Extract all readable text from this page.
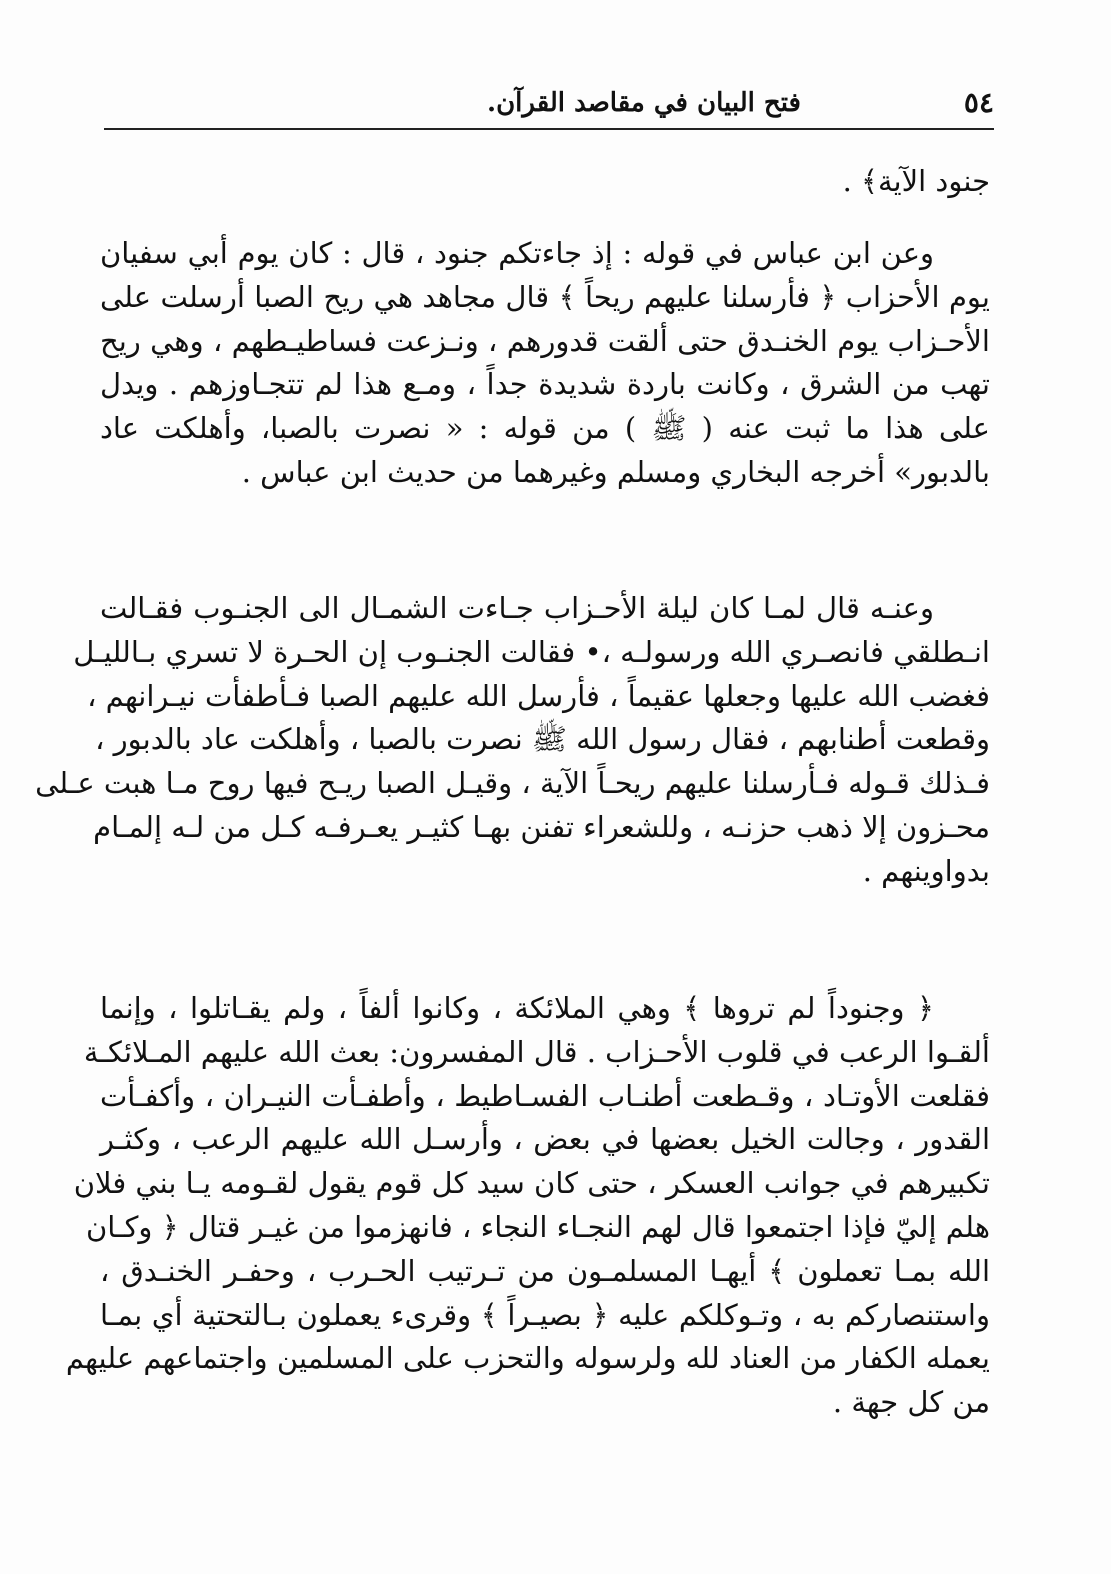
فتح البيان في مقاصد القرآن.	٥٤

جنود الآية﴾ .

وعن ابن عباس في قوله : إذ جاءتكم جنود ، قال : كان يوم أبي سفيان
يوم الأحزاب ﴿ فأرسلنا عليهم ريحاً ﴾ قال مجاهد هي ريح الصبا أرسلت على
الأحـزاب يوم الخنـدق حتى ألقت قدورهم ، ونـزعت فساطيـطهم ، وهي ريح
تهب من الشرق ، وكانت باردة شديدة جداً ، ومـع هذا لم تتجـاوزهم . ويدل
على هذا ما ثبت عنه ( ﷺ ) من قوله : « نصرت بالصبا، وأهلكت عاد
بالدبور» أخرجه البخاري ومسلم وغيرهما من حديث ابن عباس .

وعنـه قال لمـا كان ليلة الأحـزاب جـاءت الشمـال الى الجنـوب فقـالت
انـطلقي فانصـري الله ورسولـه ،• فقالت الجنـوب إن الحـرة لا تسري بـالليـل
فغضب الله عليها وجعلها عقيماً ، فأرسل الله عليهم الصبا فـأطفأت نيـرانهم ،
وقطعت أطنابهم ، فقال رسول الله ﷺ نصرت بالصبا ، وأهلكت عاد بالدبور ،
فـذلك قـوله فـأرسلنا عليهم ريحـاً الآية ، وقيـل الصبا ريـح فيها روح مـا هبت عـلى
محـزون إلا ذهب حزنـه ، وللشعراء تفنن بهـا كثيـر يعـرفـه كـل من لـه إلمـام
بدواوينهم .

﴿ وجنوداً لم تروها ﴾ وهي الملائكة ، وكانوا ألفاً ، ولم يقـاتلوا ، وإنما
ألقـوا الرعب في قلوب الأحـزاب . قال المفسرون: بعث الله عليهم المـلائكـة
فقلعت الأوتـاد ، وقـطعت أطنـاب الفسـاطيط ، وأطفـأت النيـران ، وأكفـأت
القدور ، وجالت الخيل بعضها في بعض ، وأرسـل الله عليهم الرعب ، وكثـر
تكبيرهم في جوانب العسكر ، حتى كان سيد كل قوم يقول لقـومه يـا بني فلان
هلم إليّ فإذا اجتمعوا قال لهم النجـاء النجاء ، فانهزموا من غيـر قتال ﴿ وكـان
الله بمـا تعملون ﴾ أيهـا المسلمـون من تـرتيب الحـرب ، وحفـر الخنـدق ،
واستنصاركم به ، وتـوكلكم عليه ﴿ بصيـراً ﴾ وقرىء يعملون بـالتحتية أي بمـا
يعمله الكفار من العناد لله ولرسوله والتحزب على المسلمين واجتماعهم عليهم
من كل جهة .
